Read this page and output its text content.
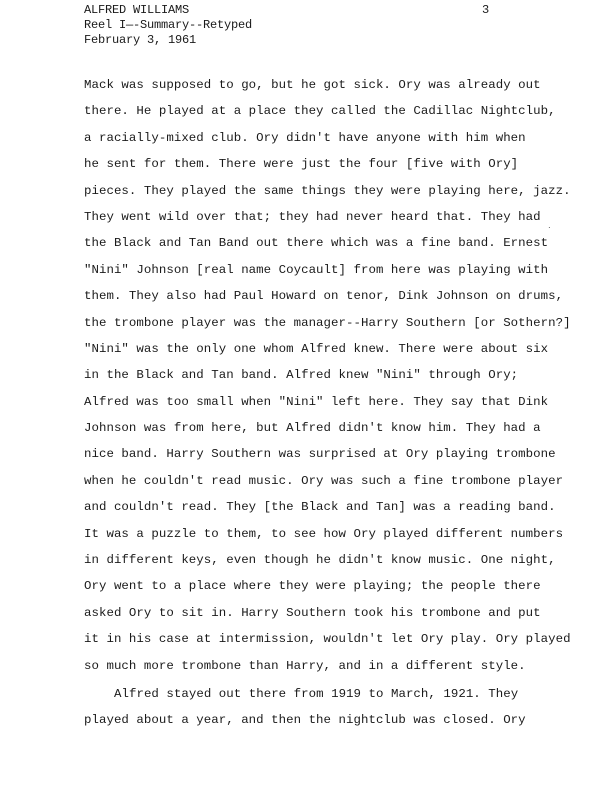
ALFRED WILLIAMS
Reel I—-Summary--Retyped
February 3, 1961
3
Mack was supposed to go, but he got sick. Ory was already out
there. He played at a place they called the Cadillac Nightclub,
a racially-mixed club. Ory didn't have anyone with him when
he sent for them. There were just the four [five with Ory]
pieces. They played the same things they were playing here, jazz.
They went wild over that; they had never heard that. They had
the Black and Tan Band out there which was a fine band. Ernest
"Nini" Johnson [real name Coycault] from here was playing with
them. They also had Paul Howard on tenor, Dink Johnson on drums,
the trombone player was the manager--Harry Southern [or Sothern?]
"Nini" was the only one whom Alfred knew. There were about six
in the Black and Tan band. Alfred knew "Nini" through Ory;
Alfred was too small when "Nini" left here. They say that Dink
Johnson was from here, but Alfred didn't know him. They had a
nice band. Harry Southern was surprised at Ory playing trombone
when he couldn't read music. Ory was such a fine trombone player
and couldn't read. They [the Black and Tan] was a reading band.
It was a puzzle to them, to see how Ory played different numbers
in different keys, even though he didn't know music. One night,
Ory went to a place where they were playing; the people there
asked Ory to sit in. Harry Southern took his trombone and put
it in his case at intermission, wouldn't let Ory play. Ory played
so much more trombone than Harry, and in a different style.
Alfred stayed out there from 1919 to March, 1921. They
played about a year, and then the nightclub was closed. Ory
․
